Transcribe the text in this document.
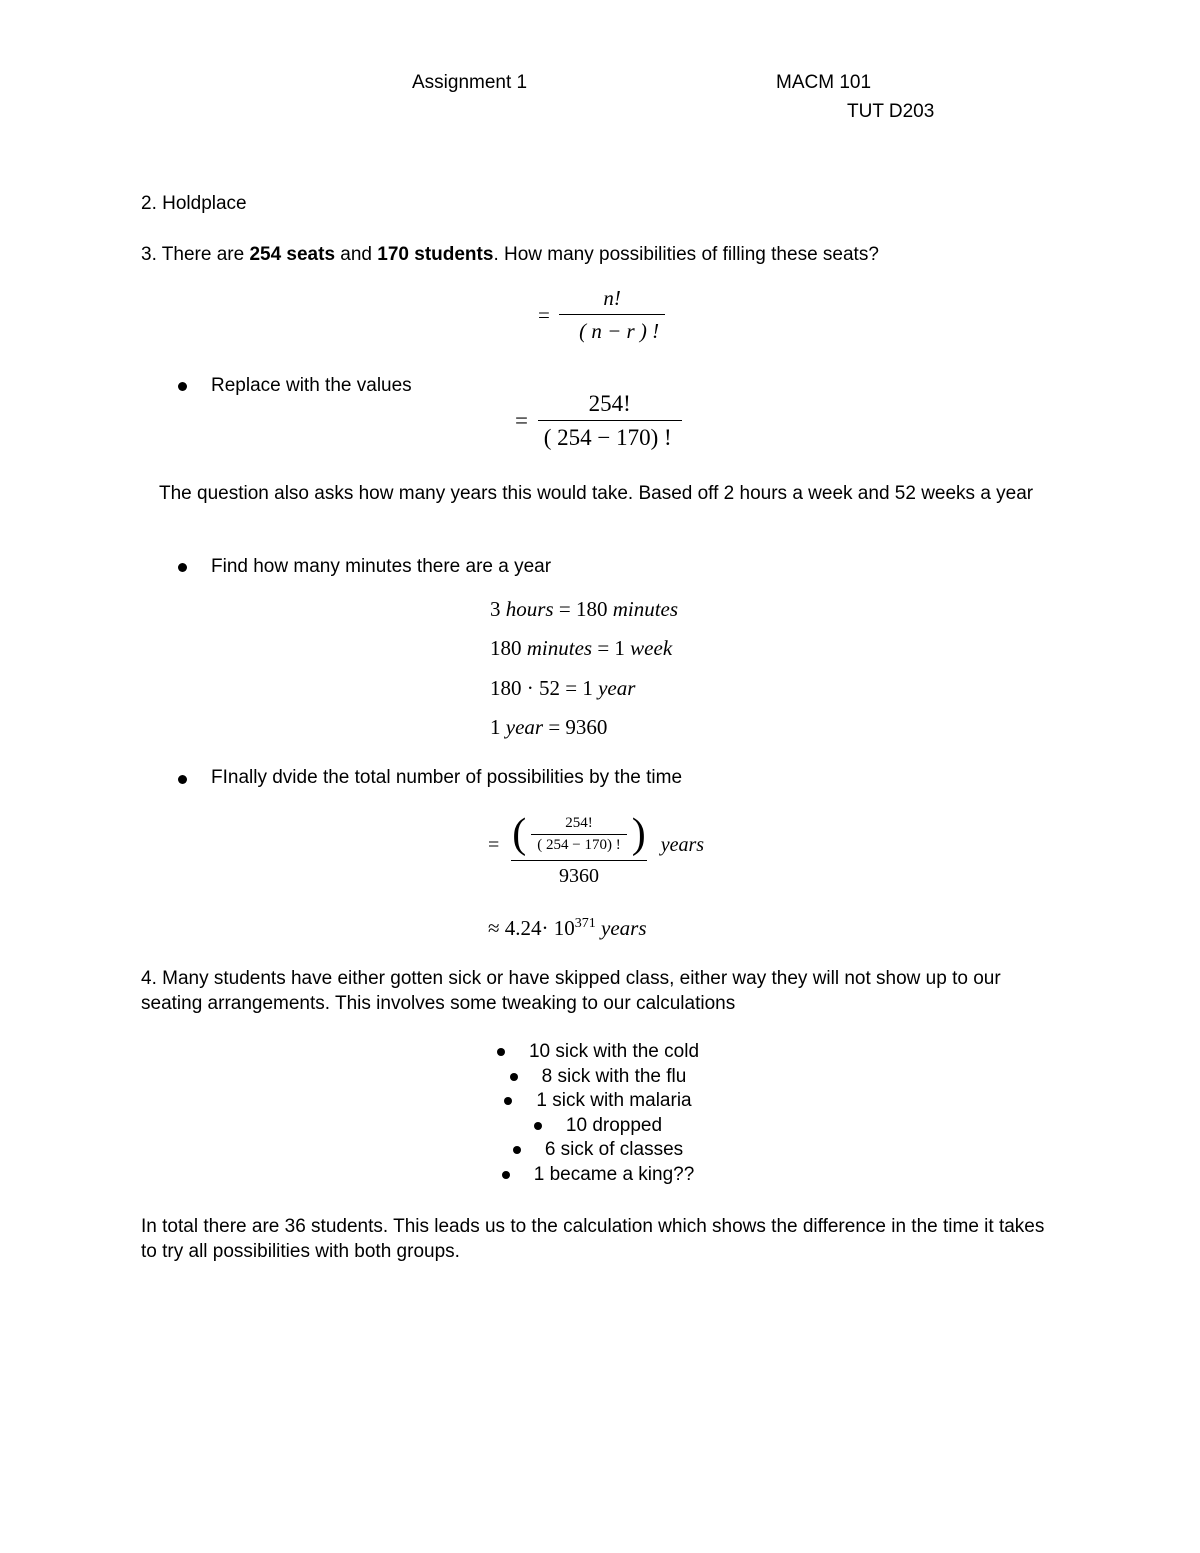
Assignment 1	MACM 101
TUT D203
2. Holdplace
3. There are 254 seats and 170 students. How many possibilities of filling these seats?
= $\frac{n!}{( n - r ) !}$
Replace with the values
= $\frac{254!}{( 254 - 170) !}$
The question also asks how many years this would take. Based off 2 hours a week and 52 weeks a year
Find how many minutes there are a year
3 hours = 180 minutes
180 minutes = 1 week
180 · 52 = 1 year
1 year = 9360
FInally dvide the total number of possibilities by the time
= $\frac{( \frac{254!}{( 254 - 170) !} )}{9360}$ years
≈ $4.24\cdot 10^{371}$ years
4. Many students have either gotten sick or have skipped class, either way they will not show up to our seating arrangements. This involves some tweaking to our calculations
10 sick with the cold
8 sick with the flu
1 sick with malaria
10 dropped
6 sick of classes
1 became a king??
In total there are 36 students. This leads us to the calculation which shows the difference in the time it takes to try all possibilities with both groups.
